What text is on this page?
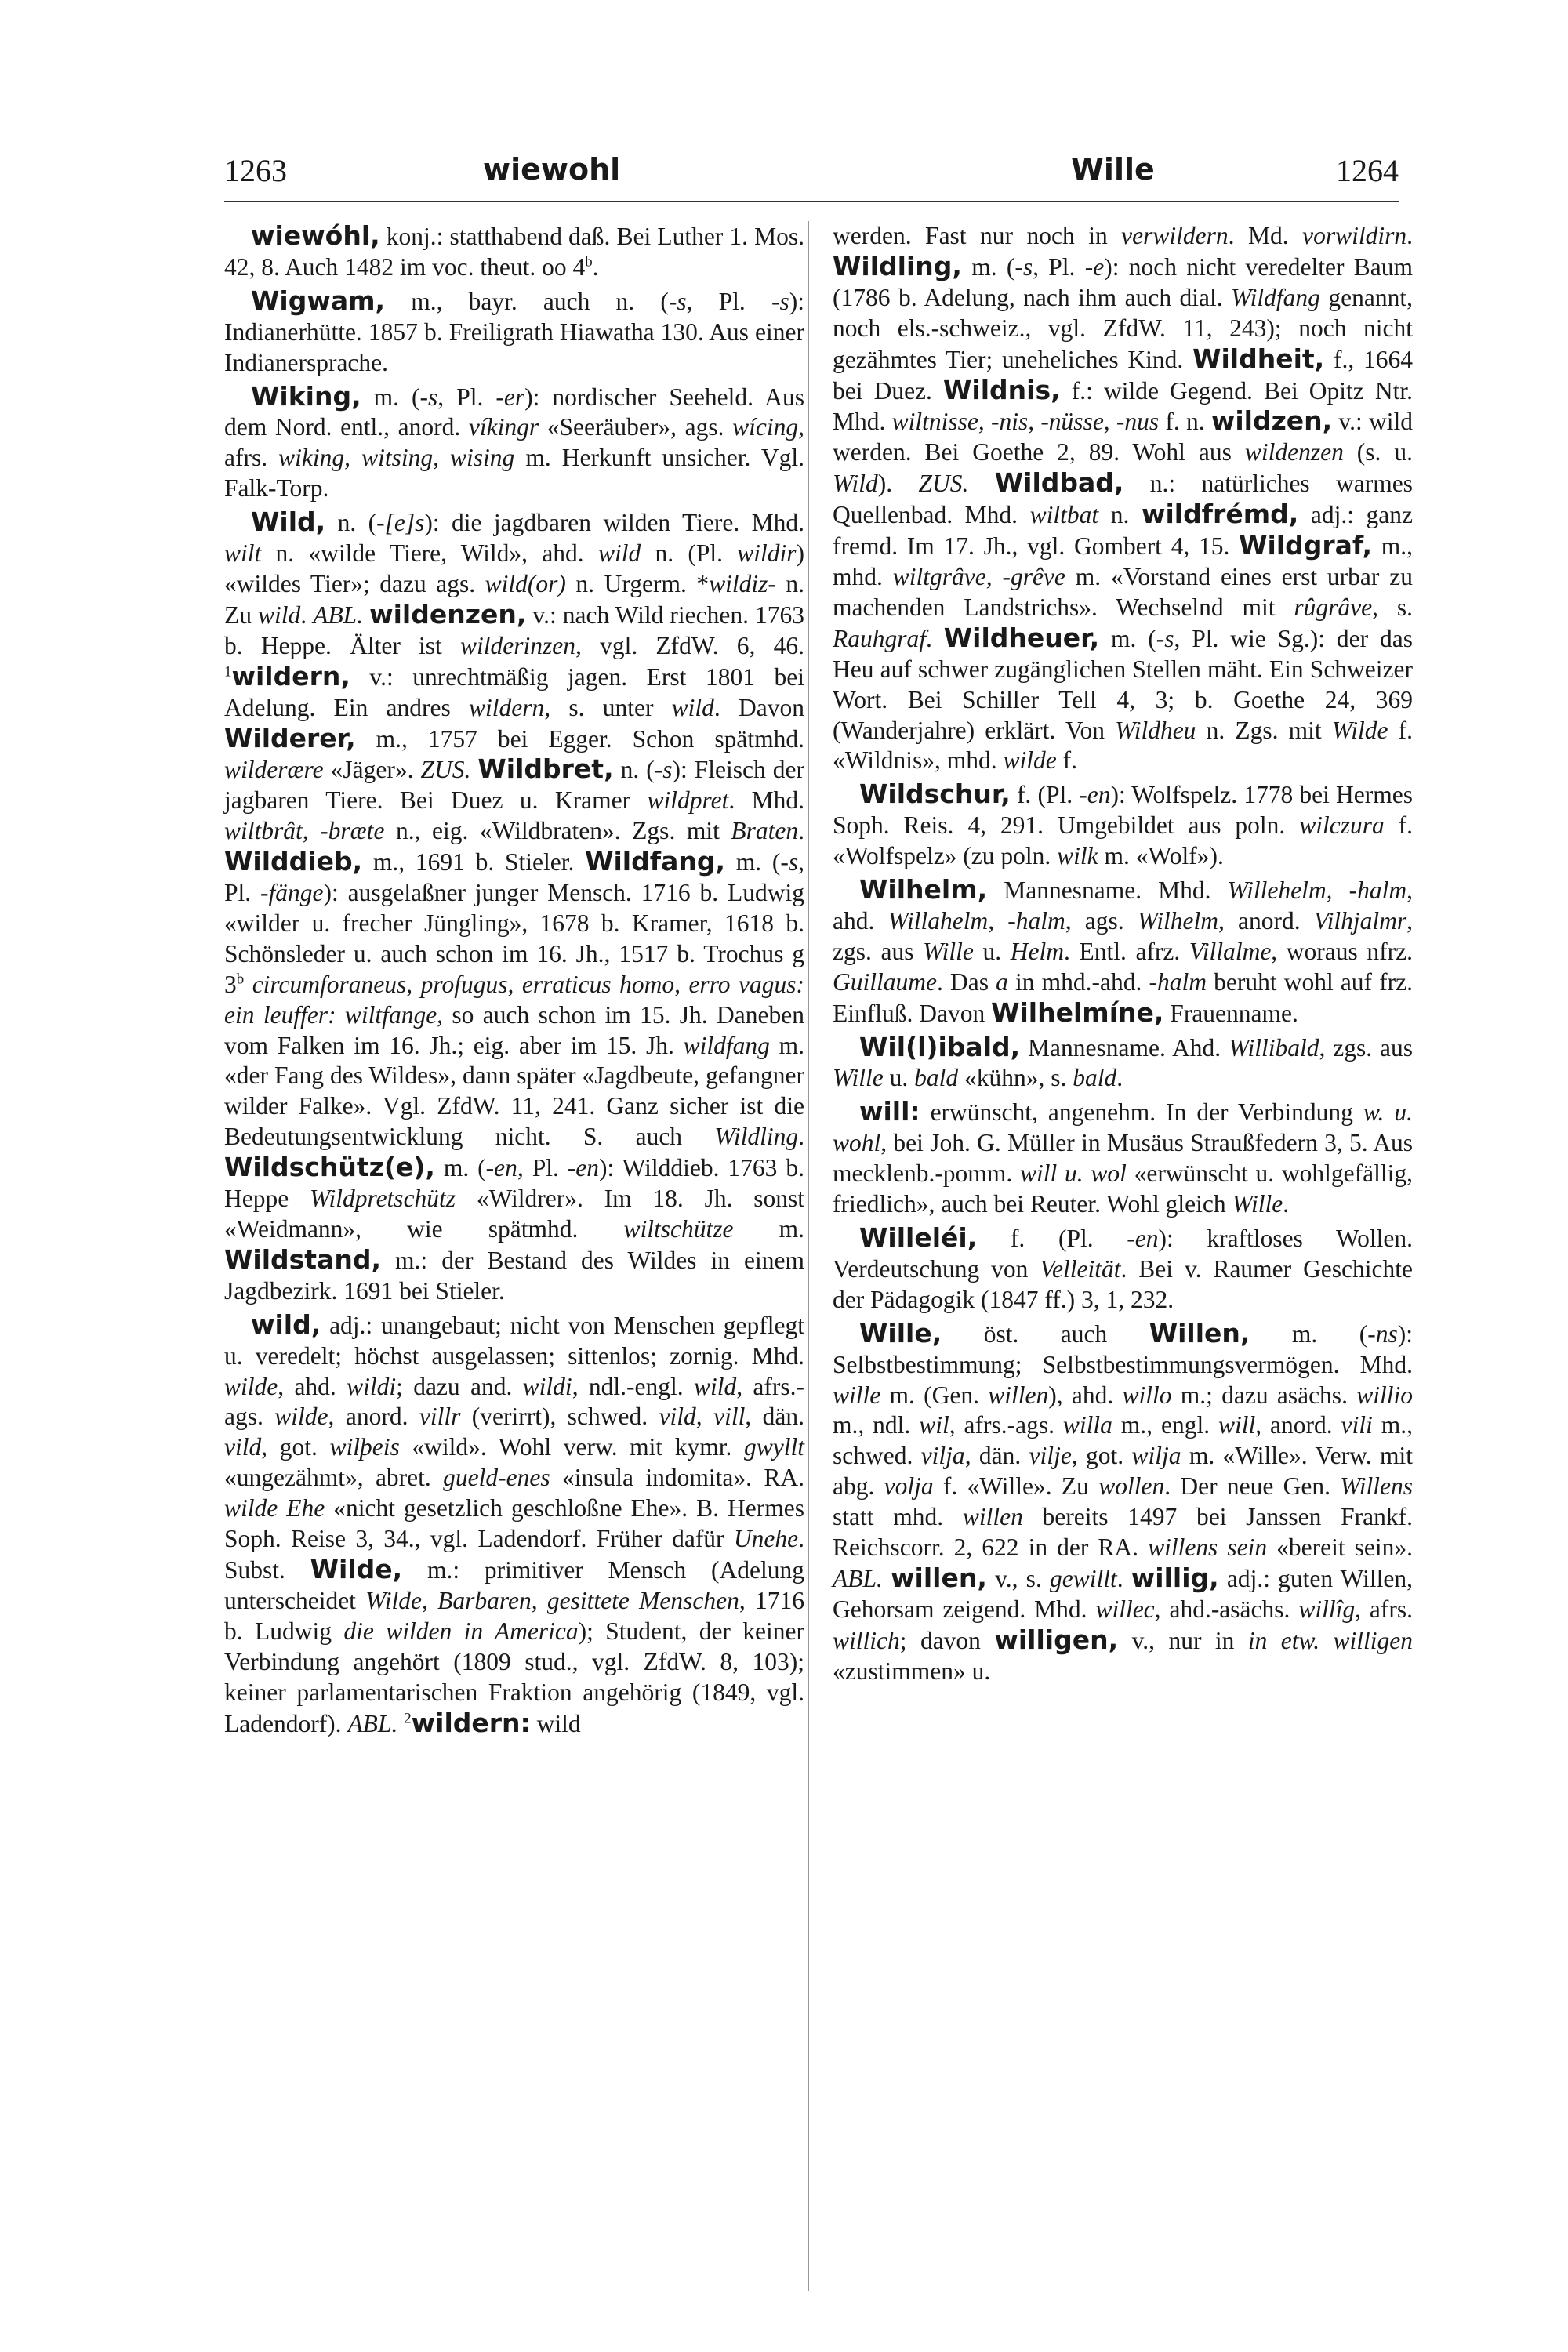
1263	wiewohl	Wille	1264

wiewóhl, konj.: statthabend daß. Bei Luther 1. Mos. 42, 8. Auch 1482 im voc. theut. oo 4$^b$.

Wigwam, m., bayr. auch n. (-s, Pl. -s): Indianerhütte. 1857 b. Freiligrath Hiawatha 130. Aus einer Indianersprache.

Wiking, m. (-s, Pl. -er): nordischer Seeheld. Aus dem Nord. entl., anord. víkingr «Seeräuber», ags. wícing, afrs. wiking, witsing, wising m. Herkunft unsicher. Vgl. Falk-Torp.

Wild, n. (-[e]s): die jagdbaren wilden Tiere. Mhd. wilt n. «wilde Tiere, Wild», ahd. wild n. (Pl. wildir) «wildes Tier»; dazu ags. wild(or) n. Urgerm. *wildiz- n. Zu wild. ABL. wildenzen, v.: nach Wild riechen. 1763 b. Heppe. Älter ist wilderinzen, vgl. ZfdW. 6, 46. $^1$wildern, v.: unrechtmäßig jagen. Erst 1801 bei Adelung. Ein andres wildern, s. unter wild. Davon Wilderer, m., 1757 bei Egger. Schon spätmhd. wilderære «Jäger». ZUS. Wildbret, n. (-s): Fleisch der jagbaren Tiere. Bei Duez u. Kramer wildpret. Mhd. wiltbrât, -bræte n., eig. «Wildbraten». Zgs. mit Braten. Wilddieb, m., 1691 b. Stieler. Wildfang, m. (-s, Pl. -fänge): ausgelaßner junger Mensch. 1716 b. Ludwig «wilder u. frecher Jüngling», 1678 b. Kramer, 1618 b. Schönsleder u. auch schon im 16. Jh., 1517 b. Trochus g 3$^b$ circumforaneus, profugus, erraticus homo, erro vagus: ein leuffer: wiltfange, so auch schon im 15. Jh. Daneben vom Falken im 16. Jh.; eig. aber im 15. Jh. wildfang m. «der Fang des Wildes», dann später «Jagdbeute, gefangner wilder Falke». Vgl. ZfdW. 11, 241. Ganz sicher ist die Bedeutungsentwicklung nicht. S. auch Wildling. Wildschütz(e), m. (-en, Pl. -en): Wilddieb. 1763 b. Heppe Wildpretschütz «Wildrer». Im 18. Jh. sonst «Weidmann», wie spätmhd. wiltschütze m. Wildstand, m.: der Bestand des Wildes in einem Jagdbezirk. 1691 bei Stieler.

wild, adj.: unangebaut; nicht von Menschen gepflegt u. veredelt; höchst ausgelassen; sittenlos; zornig. Mhd. wilde, ahd. wildi; dazu and. wildi, ndl.-engl. wild, afrs.-ags. wilde, anord. villr (verirrt), schwed. vild, vill, dän. vild, got. wilþeis «wild». Wohl verw. mit kymr. gwyllt «ungezähmt», abret. gueld-enes «insula indomita». RA. wilde Ehe «nicht gesetzlich geschloßne Ehe». B. Hermes Soph. Reise 3, 34., vgl. Ladendorf. Früher dafür Unehe. Subst. Wilde, m.: primitiver Mensch (Adelung unterscheidet Wilde, Barbaren, gesittete Menschen, 1716 b. Ludwig die wilden in America); Student, der keiner Verbindung angehört (1809 stud., vgl. ZfdW. 8, 103); keiner parlamentarischen Fraktion angehörig (1849, vgl. Ladendorf). ABL. $^2$wildern: wild

werden. Fast nur noch in verwildern. Md. vorwildirn. Wildling, m. (-s, Pl. -e): noch nicht veredelter Baum (1786 b. Adelung, nach ihm auch dial. Wildfang genannt, noch els.-schweiz., vgl. ZfdW. 11, 243); noch nicht gezähmtes Tier; uneheliches Kind. Wildheit, f., 1664 bei Duez. Wildnis, f.: wilde Gegend. Bei Opitz Ntr. Mhd. wiltnisse, -nis, -nüsse, -nus f. n. wildzen, v.: wild werden. Bei Goethe 2, 89. Wohl aus wildenzen (s. u. Wild). ZUS. Wildbad, n.: natürliches warmes Quellenbad. Mhd. wiltbat n. wildfrémd, adj.: ganz fremd. Im 17. Jh., vgl. Gombert 4, 15. Wildgraf, m., mhd. wiltgrâve, -grêve m. «Vorstand eines erst urbar zu machenden Landstrichs». Wechselnd mit rûgrâve, s. Rauhgraf. Wildheuer, m. (-s, Pl. wie Sg.): der das Heu auf schwer zugänglichen Stellen mäht. Ein Schweizer Wort. Bei Schiller Tell 4, 3; b. Goethe 24, 369 (Wanderjahre) erklärt. Von Wildheu n. Zgs. mit Wilde f. «Wildnis», mhd. wilde f.

Wildschur, f. (Pl. -en): Wolfspelz. 1778 bei Hermes Soph. Reis. 4, 291. Umgebildet aus poln. wilczura f. «Wolfspelz» (zu poln. wilk m. «Wolf»).

Wilhelm, Mannesname. Mhd. Willehelm, -halm, ahd. Willahelm, -halm, ags. Wilhelm, anord. Vilhjalmr, zgs. aus Wille u. Helm. Entl. afrz. Villalme, woraus nfrz. Guillaume. Das a in mhd.-ahd. -halm beruht wohl auf frz. Einfluß. Davon Wilhelmíne, Frauenname.

Wil(l)ibald, Mannesname. Ahd. Willibald, zgs. aus Wille u. bald «kühn», s. bald.

will: erwünscht, angenehm. In der Verbindung w. u. wohl, bei Joh. G. Müller in Musäus Straußfedern 3, 5. Aus mecklenb.-pomm. will u. wol «erwünscht u. wohlgefällig, friedlich», auch bei Reuter. Wohl gleich Wille.

Willeléi, f. (Pl. -en): kraftloses Wollen. Verdeutschung von Velleität. Bei v. Raumer Geschichte der Pädagogik (1847 ff.) 3, 1, 232.

Wille, öst. auch Willen, m. (-ns): Selbstbestimmung; Selbstbestimmungsvermögen. Mhd. wille m. (Gen. willen), ahd. willo m.; dazu asächs. willio m., ndl. wil, afrs.-ags. willa m., engl. will, anord. vili m., schwed. vilja, dän. vilje, got. wilja m. «Wille». Verw. mit abg. volja f. «Wille». Zu wollen. Der neue Gen. Willens statt mhd. willen bereits 1497 bei Janssen Frankf. Reichscorr. 2, 622 in der RA. willens sein «bereit sein». ABL. willen, v., s. gewillt. willig, adj.: guten Willen, Gehorsam zeigend. Mhd. willec, ahd.-asächs. willîg, afrs. willich; davon willigen, v., nur in in etw. willigen «zustimmen» u.
